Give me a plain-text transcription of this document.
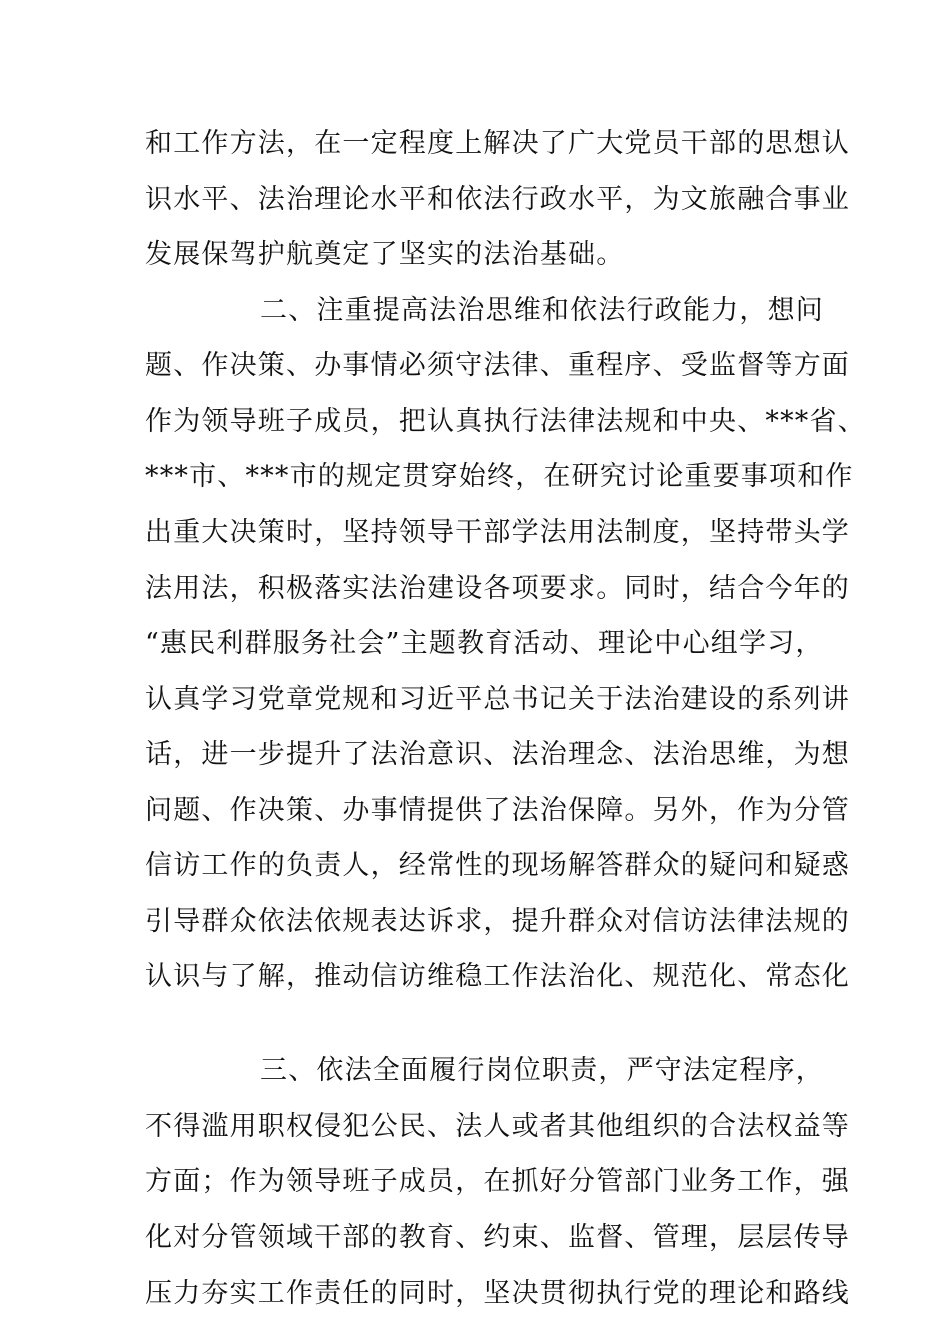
和工作方法，在一定程度上解决了广大党员干部的思想认
识水平、法治理论水平和依法行政水平，为文旅融合事业
发展保驾护航奠定了坚实的法治基础。
二、注重提高法治思维和依法行政能力，想问
题、作决策、办事情必须守法律、重程序、受监督等方面
作为领导班子成员，把认真执行法律法规和中央、***省、
***市、***市的规定贯穿始终，在研究讨论重要事项和作
出重大决策时，坚持领导干部学法用法制度，坚持带头学
法用法，积极落实法治建设各项要求。同时，结合今年的
“惠民利群服务社会”主题教育活动、理论中心组学习，
认真学习党章党规和习近平总书记关于法治建设的系列讲
话，进一步提升了法治意识、法治理念、法治思维，为想
问题、作决策、办事情提供了法治保障。另外，作为分管
信访工作的负责人，经常性的现场解答群众的疑问和疑惑
引导群众依法依规表达诉求，提升群众对信访法律法规的
认识与了解，推动信访维稳工作法治化、规范化、常态化
三、依法全面履行岗位职责，严守法定程序，
不得滥用职权侵犯公民、法人或者其他组织的合法权益等
方面；作为领导班子成员，在抓好分管部门业务工作，强
化对分管领域干部的教育、约束、监督、管理，层层传导
压力夯实工作责任的同时，坚决贯彻执行党的理论和路线
